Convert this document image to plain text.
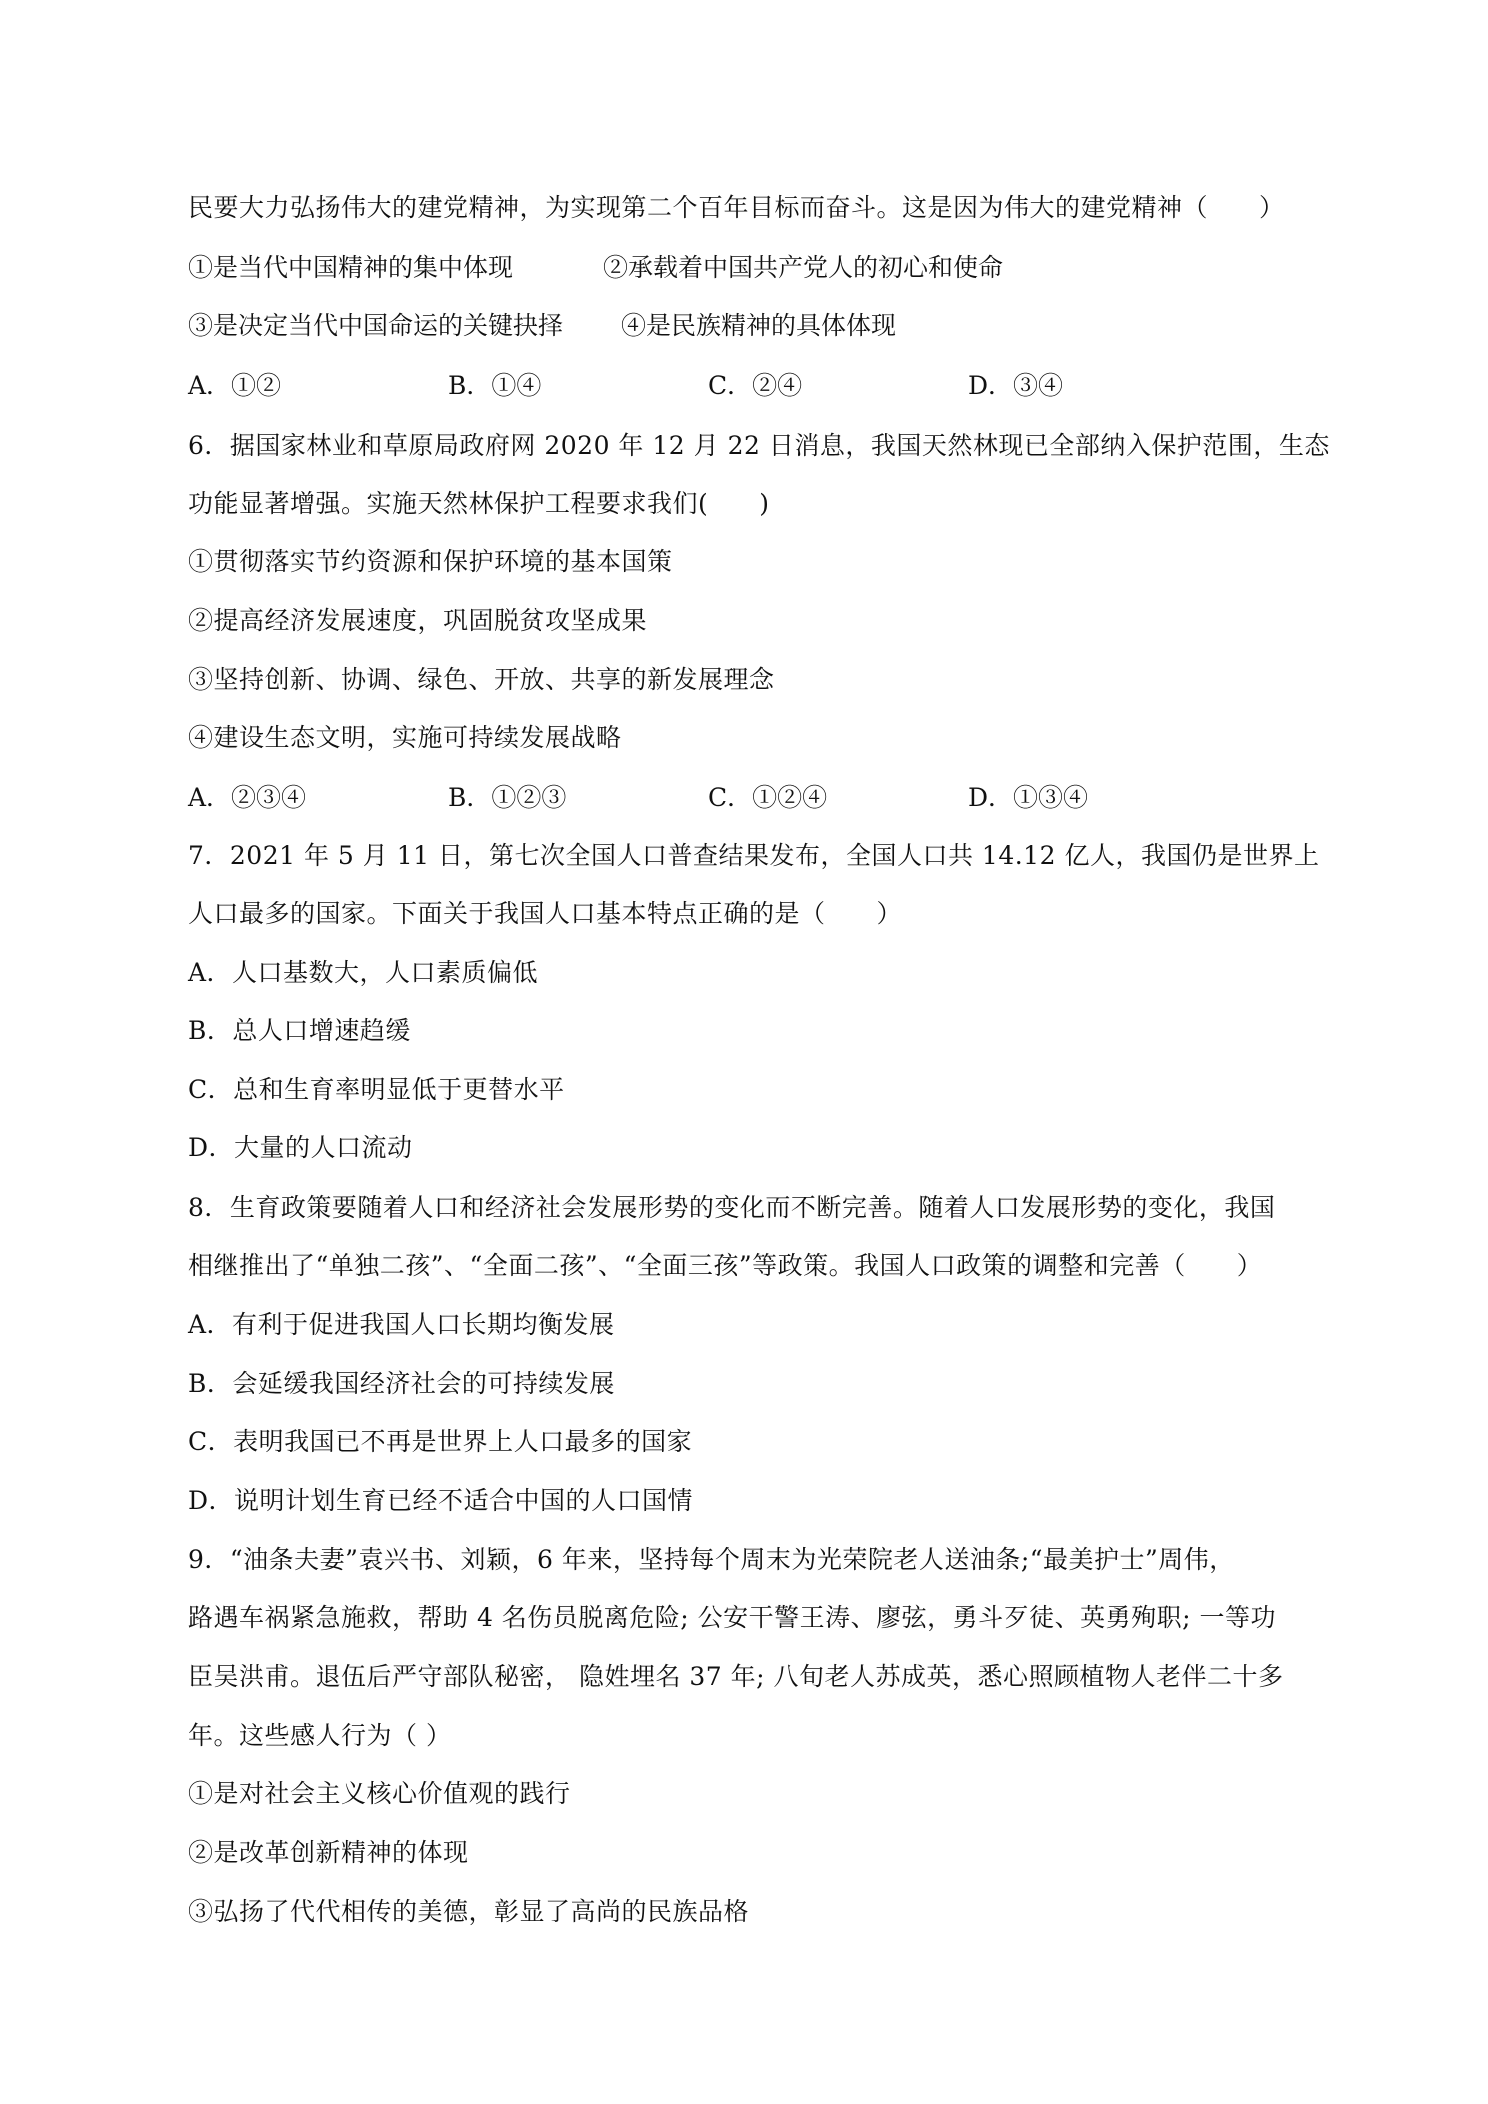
民要大力弘扬伟大的建党精神，为实现第二个百年目标而奋斗。这是因为伟大的建党精神（　　）
①是当代中国精神的集中体现	②承载着中国共产党人的初心和使命
③是决定当代中国命运的关键抉择 ④是民族精神的具体体现
A．①②	B．①④	C．②④	D．③④
6．据国家林业和草原局政府网 2020 年 12 月 22 日消息，我国天然林现已全部纳入保护范围，生态
功能显著增强。实施天然林保护工程要求我们(　　)
①贯彻落实节约资源和保护环境的基本国策
②提高经济发展速度，巩固脱贫攻坚成果
③坚持创新、协调、绿色、开放、共享的新发展理念
④建设生态文明，实施可持续发展战略
A．②③④	B．①②③	C．①②④	D．①③④
7．2021 年 5 月 11 日，第七次全国人口普查结果发布，全国人口共 14.12 亿人，我国仍是世界上
人口最多的国家。下面关于我国人口基本特点正确的是（　　）
A．人口基数大，人口素质偏低
B．总人口增速趋缓
C．总和生育率明显低于更替水平
D．大量的人口流动
8．生育政策要随着人口和经济社会发展形势的变化而不断完善。随着人口发展形势的变化，我国
相继推出了“单独二孩”、“全面二孩”、“全面三孩”等政策。我国人口政策的调整和完善（　　）
A．有利于促进我国人口长期均衡发展
B．会延缓我国经济社会的可持续发展
C．表明我国已不再是世界上人口最多的国家
D．说明计划生育已经不适合中国的人口国情
9．“油条夫妻”袁兴书、刘颖，6 年来，坚持每个周末为光荣院老人送油条;“最美护士”周伟，
路遇车祸紧急施救，帮助 4 名伤员脱离危险; 公安干警王涛、廖弦，勇斗歹徒、英勇殉职; 一等功
臣吴洪甫。退伍后严守部队秘密， 隐姓埋名 37 年; 八旬老人苏成英，悉心照顾植物人老伴二十多
年。这些感人行为（ ）
①是对社会主义核心价值观的践行
②是改革创新精神的体现
③弘扬了代代相传的美德，彰显了高尚的民族品格
